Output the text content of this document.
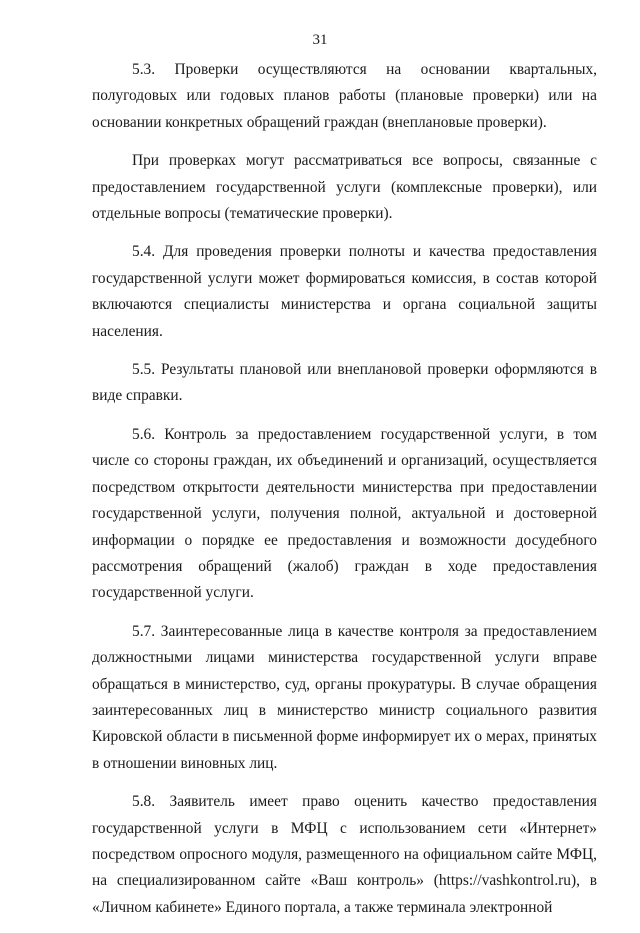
31

5.3. Проверки осуществляются на основании квартальных, полугодовых или годовых планов работы (плановые проверки) или на основании конкретных обращений граждан (внеплановые проверки).

При проверках могут рассматриваться все вопросы, связанные с предоставлением государственной услуги (комплексные проверки), или отдельные вопросы (тематические проверки).

5.4. Для проведения проверки полноты и качества предоставления государственной услуги может формироваться комиссия, в состав которой включаются специалисты министерства и органа социальной защиты населения.

5.5. Результаты плановой или внеплановой проверки оформляются в виде справки.

5.6. Контроль за предоставлением государственной услуги, в том числе со стороны граждан, их объединений и организаций, осуществляется посредством открытости деятельности министерства при предоставлении государственной услуги, получения полной, актуальной и достоверной информации о порядке ее предоставления и возможности досудебного рассмотрения обращений (жалоб) граждан в ходе предоставления государственной услуги.

5.7. Заинтересованные лица в качестве контроля за предоставлением должностными лицами министерства государственной услуги вправе обращаться в министерство, суд, органы прокуратуры. В случае обращения заинтересованных лиц в министерство министр социального развития Кировской области в письменной форме информирует их о мерах, принятых в отношении виновных лиц.

5.8. Заявитель имеет право оценить качество предоставления государственной услуги в МФЦ с использованием сети «Интернет» посредством опросного модуля, размещенного на официальном сайте МФЦ, на специализированном сайте «Ваш контроль» (https://vashkontrol.ru), в «Личном кабинете» Единого портала, а также терминала электронной
